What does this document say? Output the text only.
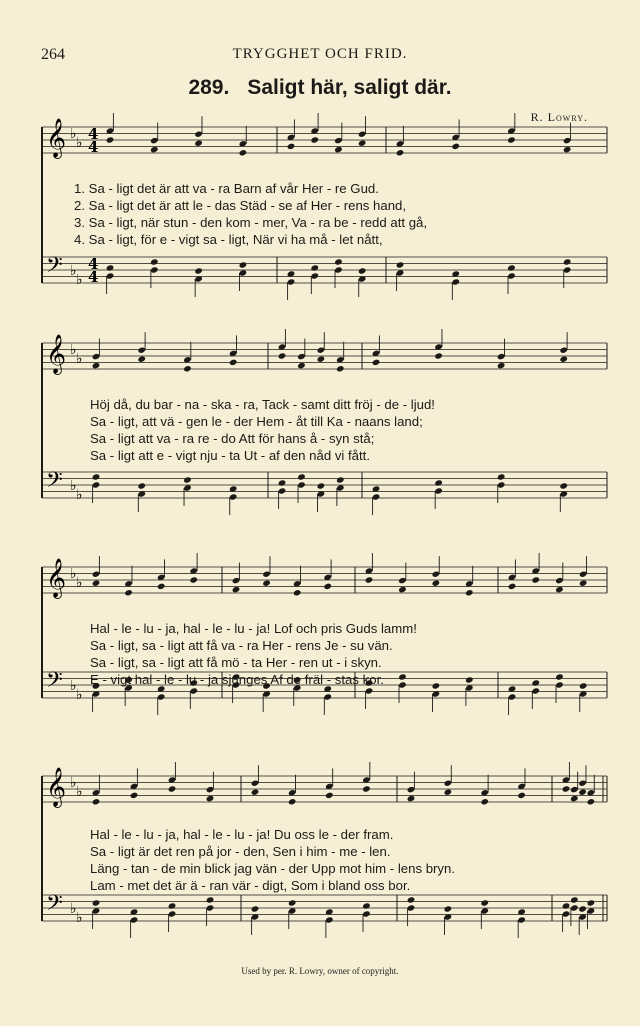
264	TRYGGHET OCH FRID.
289. Saligt här, saligt där.
R. Lowry.
𝄞 ♭
♭
𝄢 ♭
♭
4
4
4
4
𝄞 ♭
♭
𝄢 ♭
♭
𝄞 ♭
♭
𝄢 ♭
♭
𝄞 ♭
♭
𝄢 ♭
♭
1. Sa - ligt det är att va - ra Barn af vår Her - re Gud.
2. Sa - ligt det är att le - das Städ - se af Her - rens hand,
3. Sa - ligt, när stun - den kom - mer, Va - ra be - redd att gå,
4. Sa - ligt, för e - vigt sa - ligt, När vi ha må - let nått,
Höj då, du bar - na - ska - ra, Tack - samt ditt fröj - de - ljud!
Sa - ligt, att vä - gen le - der Hem - åt till Ka - naans land;
Sa - ligt att va - ra re - do Att för hans å - syn stå;
Sa - ligt att e - vigt nju - ta Ut - af den nåd vi fått.
Hal - le - lu - ja, hal - le - lu - ja! Lof och pris Guds lamm!
Sa - ligt, sa - ligt att få va - ra Her - rens Je - su vän.
Sa - ligt, sa - ligt att få mö - ta Her - ren ut - i skyn.
E - vigt hal - le - lu - ja sjunges Af de fräl - stas kor.
Hal - le - lu - ja, hal - le - lu - ja! Du oss le - der fram.
Sa - ligt är det ren på jor - den, Sen i him - me - len.
Läng - tan - de min blick jag vän - der Upp mot him - lens bryn.
Lam - met det är ä - ran vär - digt, Som i bland oss bor.
Used by per. R. Lowry, owner of copyright.
